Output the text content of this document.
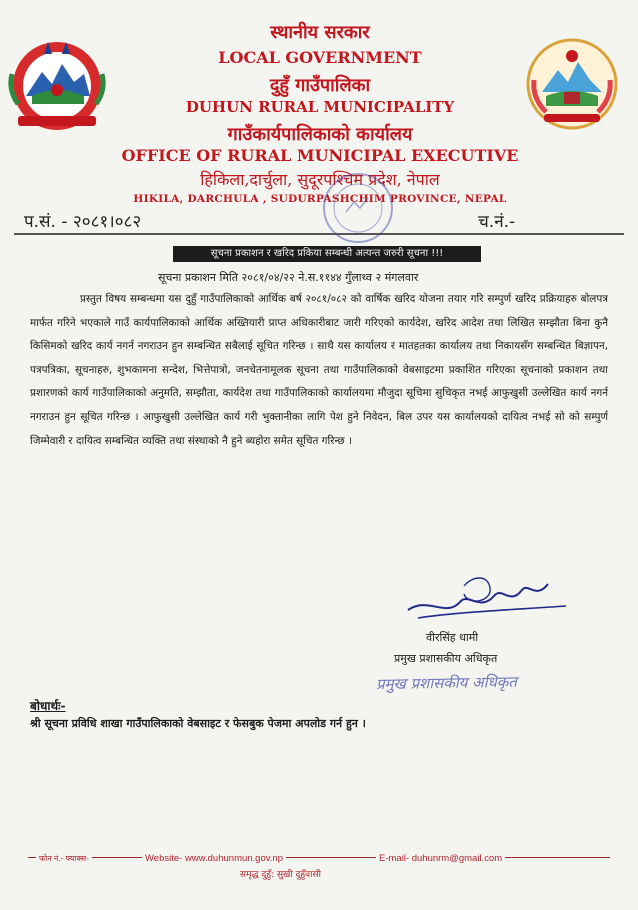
स्थानीय सरकार
LOCAL GOVERNMENT
दुहुँ गाउँपालिका
DUHUN RURAL MUNICIPALITY
गाउँकार्यपालिकाको कार्यालय
OFFICE OF RURAL MUNICIPAL EXECUTIVE
हिकिला,दार्चुला, सुदूरपश्चिम प्रदेश, नेपाल
HIKILA, DARCHULA , SUDURPASHCHIM PROVINCE, NEPAL
प.सं. - २०८१।०८२	च.नं.-
सूचना प्रकाशन र खरिद प्रकिया सम्बन्धी अत्यन्त जरुरी सूचना !!!
सूचना प्रकाशन मिति २०८१/०४/२२ ने.स.११४४ गुँलाथ्व २ मंगलवार
प्रस्तुत विषय सम्बन्धमा यस दुहुँ गाउँपालिकाको आर्थिक बर्ष २०८१/०८२ को वार्षिक खरिद योजना तयार गरि सम्पुर्ण खरिद प्रक्रियाहरु बोलपत्र मार्फत गरिने भएकाले गाउँ कार्यपालिकाको आर्थिक अख्तियारी प्राप्त अधिकारीबाट जारी गरिएको कार्यदेश, खरिद आदेश तथा लिखित सम्झौता बिना कुनै किसिमको खरिद कार्य नगर्न नगराउन हुन सम्बन्धित सबैलाई सूचित गरिन्छ । साथै यस कार्यालय र मातहतका कार्यालय तथा निकायसँग सम्बन्धित बिज्ञापन, पत्रपत्रिका, सूचनाहरु, शुभकामना सन्देश, भित्तेपात्रो, जनचेतनामूलक सूचना तथा गाउँपालिकाको वेबसाइटमा प्रकाशित गरिएका सूचनाको प्रकाशन तथा प्रशारणको कार्य गाउँपालिकाको अनुमति, सम्झौता, कार्यदेश तथा गाउँपालिकाको कार्यालयमा मौजुदा सूचिमा सुचिकृत नभई आफुखुसी उल्लेखित कार्य नगर्न नगराउन हुन सूचित गरिन्छ । आफुखुसी उल्लेखित कार्य गरी भुक्तानीका लागि पेश हुने निवेदन, बिल उपर यस कार्यालयको दायित्व नभई सो को सम्पुर्ण जिम्मेवारी र दायित्व सम्बन्धित व्यक्ति तथा संस्थाको नै हुने ब्यहोरा समेत सूचित गरिन्छ ।
वीरसिंह धामी
प्रमुख प्रशासकीय अधिकृत
प्रमुख प्रशासकीय अधिकृत
बोधार्थः-
श्री सूचना प्रविधि शाखा गाउँपालिकाको वेबसाइट र फेसबुक पेजमा अपलोड गर्न हुन ।
फोन नं.- फ्याक्स-	Website- www.duhunmun.gov.np	E-mail- duhunrm@gmail.com
समृद्ध दुहुँ: सुखी दुहुँवासी
